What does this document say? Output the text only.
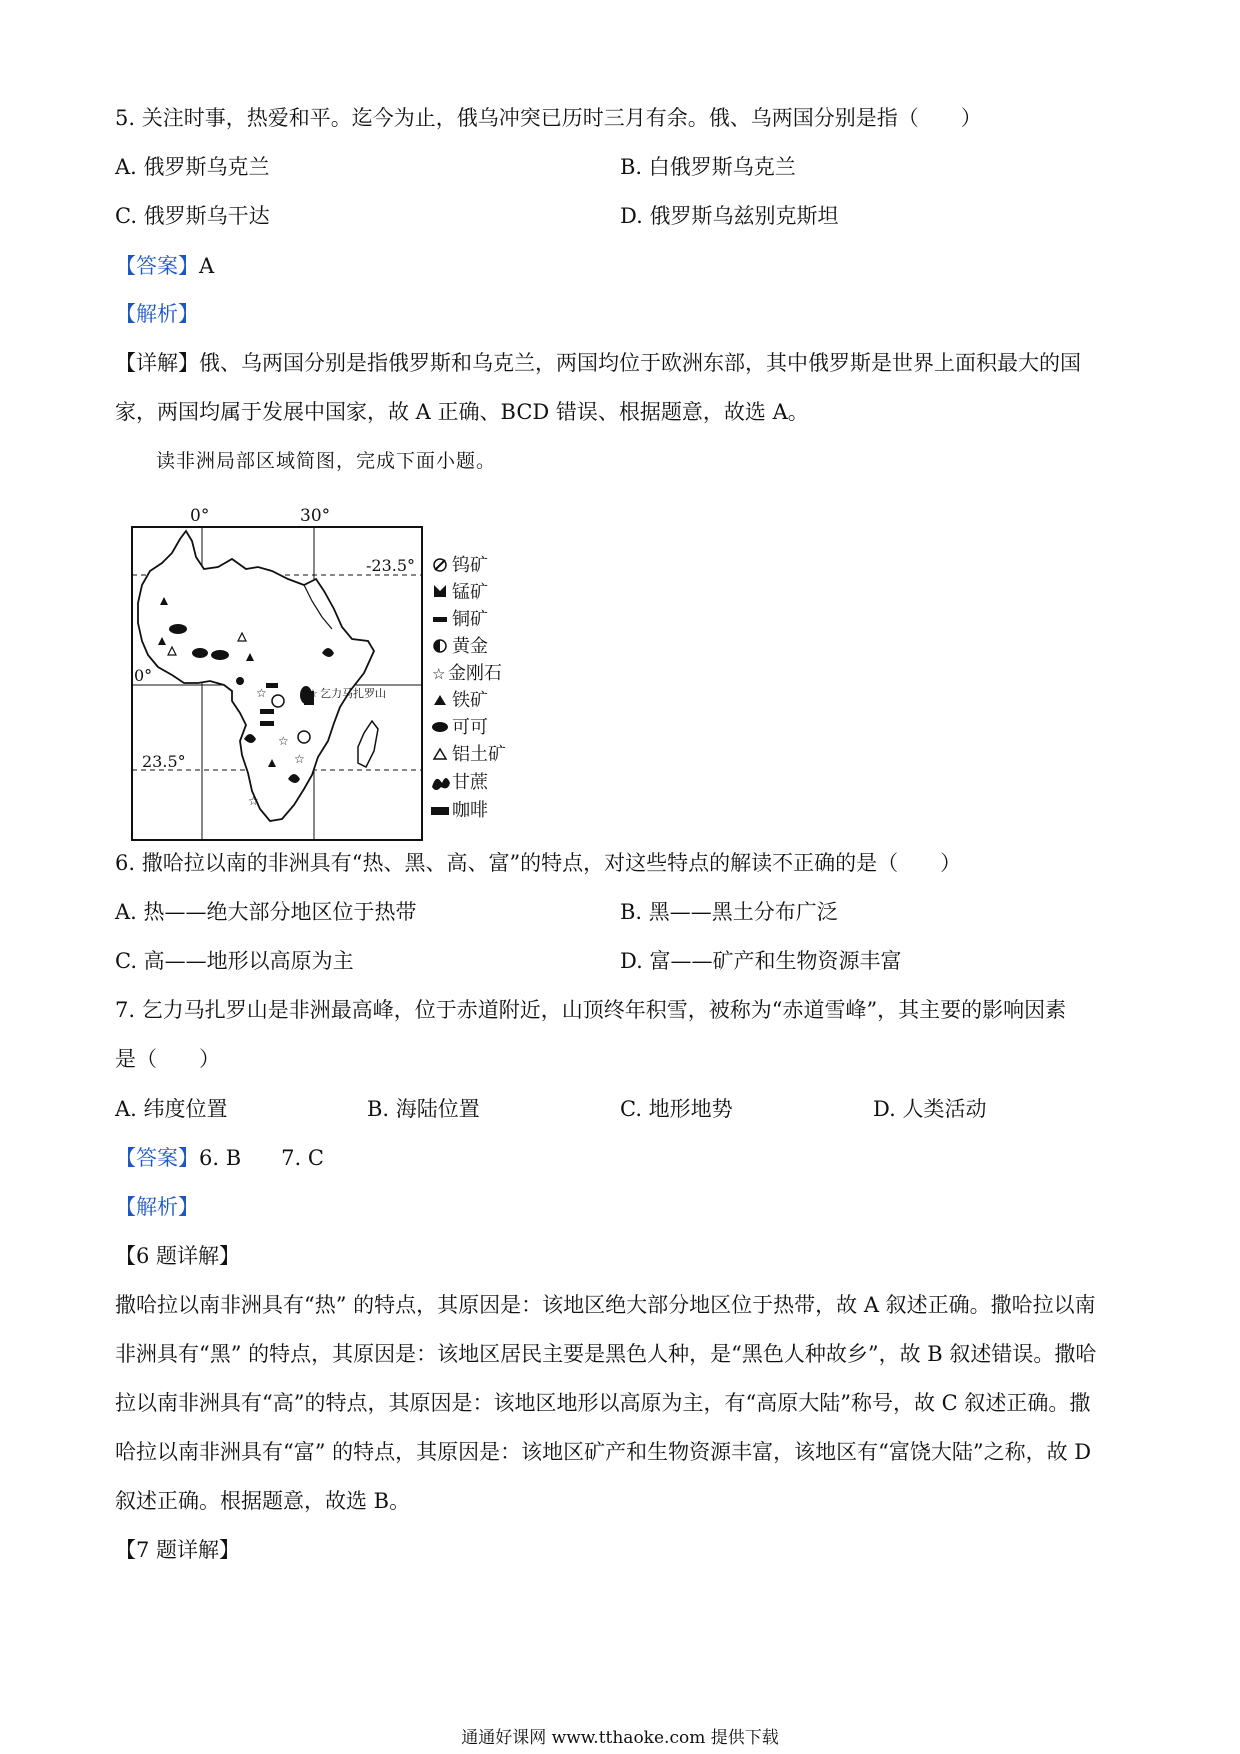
5. 关注时事，热爱和平。迄今为止，俄乌冲突已历时三月有余。俄、乌两国分别是指（　　）
A. 俄罗斯乌克兰	B. 白俄罗斯乌克兰
C. 俄罗斯乌干达	D. 俄罗斯乌兹别克斯坦
【答案】A
【解析】
【详解】俄、乌两国分别是指俄罗斯和乌克兰，两国均位于欧洲东部，其中俄罗斯是世界上面积最大的国
家，两国均属于发展中国家，故 A 正确、BCD 错误、根据题意，故选 A。
读非洲局部区域简图，完成下面小题。
☆
☆
☆
☆
0°	30°
-23.5°
0°
23.5°
乞力马扎罗山
☆
钨矿
锰矿
铜矿
黄金
☆ 金刚石
铁矿
可可
铝土矿
甘蔗
咖啡
6. 撒哈拉以南的非洲具有“热、黑、高、富”的特点，对这些特点的解读不正确的是（　　）
A. 热——绝大部分地区位于热带	B. 黑——黑土分布广泛
C. 高——地形以高原为主	D. 富——矿产和生物资源丰富
7. 乞力马扎罗山是非洲最高峰，位于赤道附近，山顶终年积雪，被称为“赤道雪峰”，其主要的影响因素
是（　　）
A. 纬度位置	B. 海陆位置	C. 地形地势	D. 人类活动
【答案】6. B 7. C
【解析】
【6 题详解】
撒哈拉以南非洲具有“热” 的特点，其原因是：该地区绝大部分地区位于热带，故 A 叙述正确。撒哈拉以南
非洲具有“黑” 的特点，其原因是：该地区居民主要是黑色人种，是“黑色人种故乡”，故 B 叙述错误。撒哈
拉以南非洲具有“高”的特点，其原因是：该地区地形以高原为主，有“高原大陆”称号，故 C 叙述正确。撒
哈拉以南非洲具有“富” 的特点，其原因是：该地区矿产和生物资源丰富，该地区有“富饶大陆”之称，故 D
叙述正确。根据题意，故选 B。
【7 题详解】
通通好课网 www.tthaoke.com 提供下载
